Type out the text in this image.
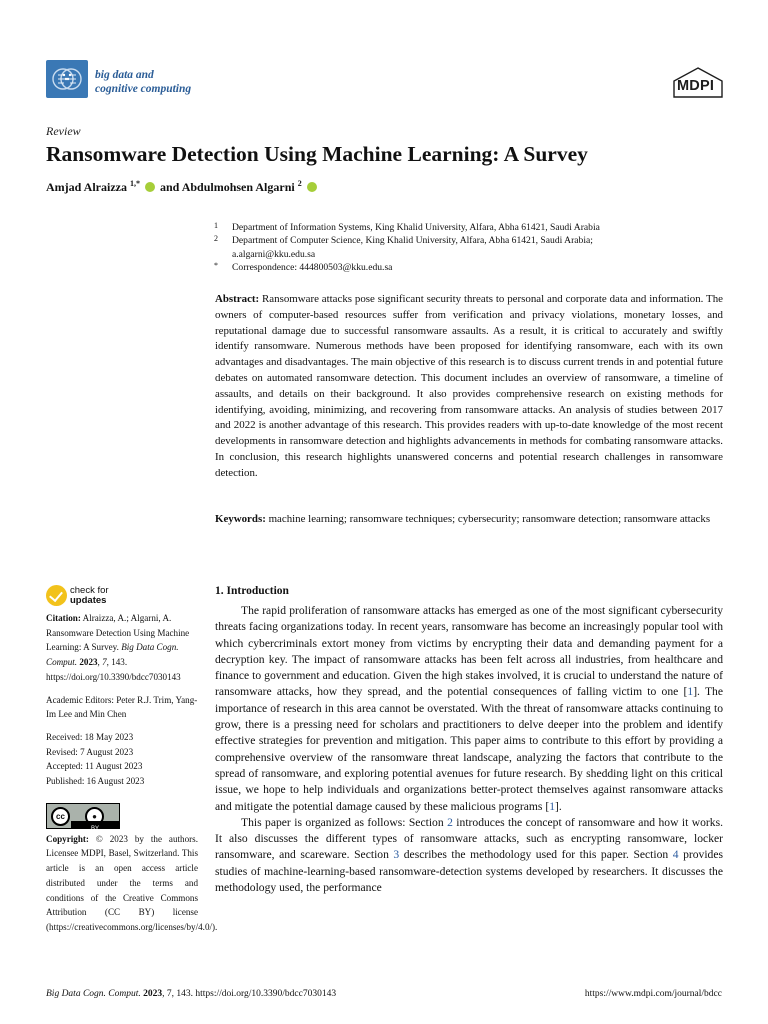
big data and
cognitive computing	MDPI
Review
Ransomware Detection Using Machine Learning: A Survey
Amjad Alraizza $^{1,*}$ and Abdulmohsen Algarni $^2$
1 Department of Information Systems, King Khalid University, Alfara, Abha 61421, Saudi Arabia
2 Department of Computer Science, King Khalid University, Alfara, Abha 61421, Saudi Arabia;
a.algarni@kku.edu.sa
* Correspondence: 444800503@kku.edu.sa
Abstract: Ransomware attacks pose significant security threats to personal and corporate data and information. The owners of computer-based resources suffer from verification and privacy violations, monetary losses, and reputational damage due to successful ransomware assaults. As a result, it is critical to accurately and swiftly identify ransomware. Numerous methods have been proposed for identifying ransomware, each with its own advantages and disadvantages. The main objective of this research is to discuss current trends in and potential future debates on automated ransomware detection. This document includes an overview of ransomware, a timeline of assaults, and details on their background. It also provides comprehensive research on existing methods for identifying, avoiding, minimizing, and recovering from ransomware attacks. An analysis of studies between 2017 and 2022 is another advantage of this research. This provides readers with up-to-date knowledge of the most recent developments in ransomware detection and highlights advancements in methods for combating ransomware attacks. In conclusion, this research highlights unanswered concerns and potential research challenges in ransomware detection.
Keywords: machine learning; ransomware techniques; cybersecurity; ransomware detection; ransomware attacks
check for
updates
Citation: Alraizza, A.; Algarni, A. Ransomware Detection Using Machine Learning: A Survey. Big Data Cogn. Comput. 2023, 7, 143. https://doi.org/10.3390/bdcc7030143
Academic Editors: Peter R.J. Trim, Yang-Im Lee and Min Chen
Received: 18 May 2023
Revised: 7 August 2023
Accepted: 11 August 2023
Published: 16 August 2023
cc	●
BY
Copyright: © 2023 by the authors. Licensee MDPI, Basel, Switzerland. This article is an open access article distributed under the terms and conditions of the Creative Commons Attribution (CC BY) license (https://creativecommons.org/licenses/by/4.0/).
1. Introduction

The rapid proliferation of ransomware attacks has emerged as one of the most significant cybersecurity threats facing organizations today. In recent years, ransomware has become an increasingly popular tool with which cybercriminals extort money from victims by encrypting their data and demanding payment for a decryption key. The impact of ransomware attacks has been felt across all industries, from healthcare and finance to government and education. Given the high stakes involved, it is crucial to understand the nature of ransomware attacks, how they spread, and the potential consequences of falling victim to one [1]. The importance of research in this area cannot be overstated. With the threat of ransomware attacks continuing to grow, there is a pressing need for scholars and practitioners to delve deeper into the problem and identify effective strategies for prevention and mitigation. This paper aims to contribute to this effort by providing a comprehensive overview of the ransomware threat landscape, analyzing the factors that contribute to the spread of ransomware, and exploring potential avenues for future research. By shedding light on this critical issue, we hope to help individuals and organizations better-protect themselves against ransomware attacks and mitigate the potential damage caused by these malicious programs [1].

This paper is organized as follows: Section 2 introduces the concept of ransomware and how it works. It also discusses the different types of ransomware attacks, such as encrypting ransomware, locker ransomware, and scareware. Section 3 describes the methodology used for this paper. Section 4 provides studies of machine-learning-based ransomware-detection systems developed by researchers. It discusses the methodology used, the performance

Big Data Cogn. Comput. 2023, 7, 143. https://doi.org/10.3390/bdcc7030143	https://www.mdpi.com/journal/bdcc
